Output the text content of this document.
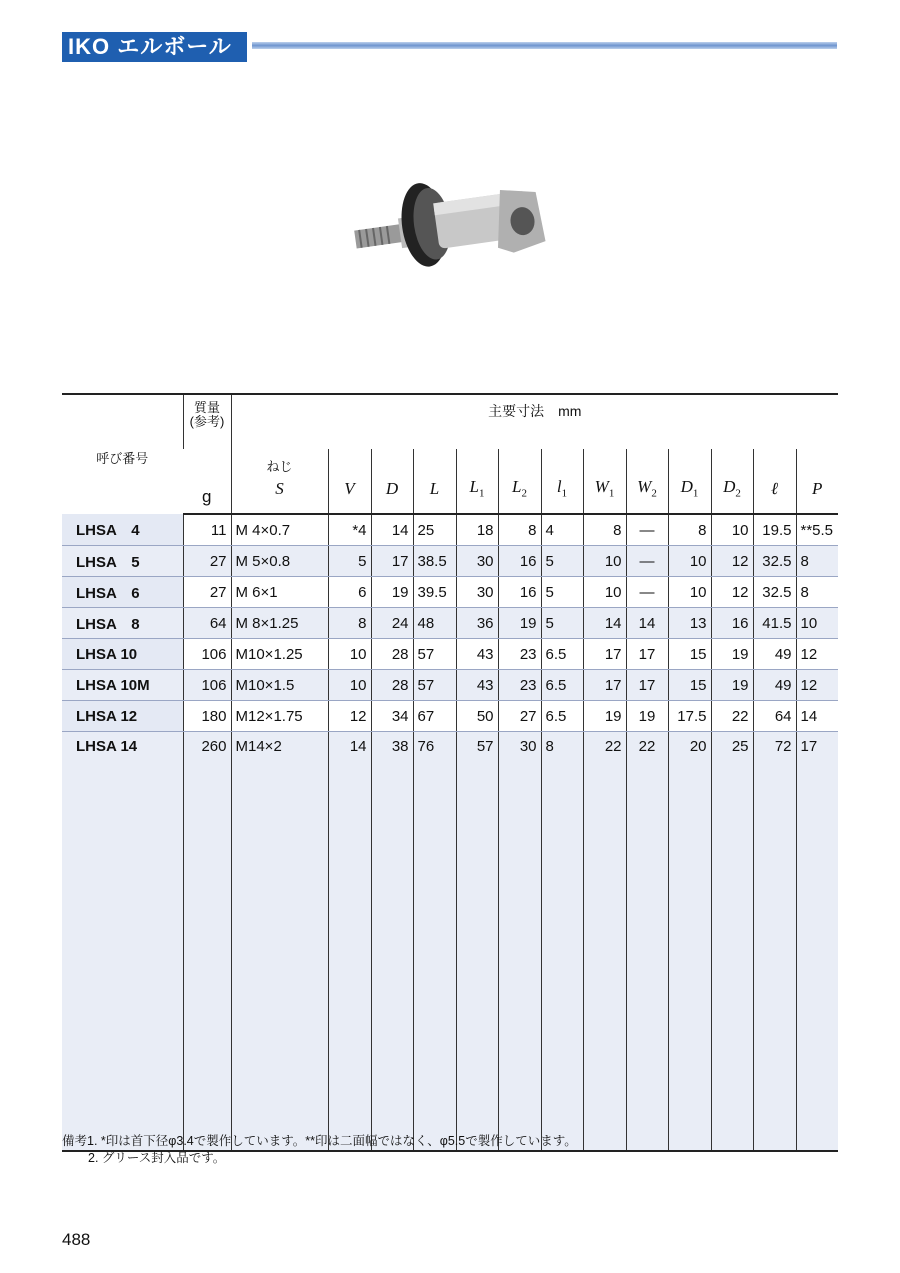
IKO エルボール
呼び番号	質量
(参考)	主要寸法　mm												
	g	ねじ
S	V	D	L	$L_1$	$L_2$	$l_1$	$W_1$	$W_2$	$D_1$	$D_2$	ℓ	P
LHSA　4	11	M 4×0.7	*4	14	25	18	8	4	8	—	8	10	19.5	**5.5
LHSA　5	27	M 5×0.8	5	17	38.5	30	16	5	10	—	10	12	32.5	8
LHSA　6	27	M 6×1	6	19	39.5	30	16	5	10	—	10	12	32.5	8
LHSA　8	64	M 8×1.25	8	24	48	36	19	5	14	14	13	16	41.5	10
LHSA 10	106	M10×1.25	10	28	57	43	23	6.5	17	17	15	19	49	12
LHSA 10M	106	M10×1.5	10	28	57	43	23	6.5	17	17	15	19	49	12
LHSA 12	180	M12×1.75	12	34	67	50	27	6.5	19	19	17.5	22	64	14
LHSA 14	260	M14×2	14	38	76	57	30	8	22	22	20	25	72	17
備考1. *印は首下径φ3.4で製作しています。**印は二面幅ではなく、φ5.5で製作しています。
2. グリース封入品です。
488
